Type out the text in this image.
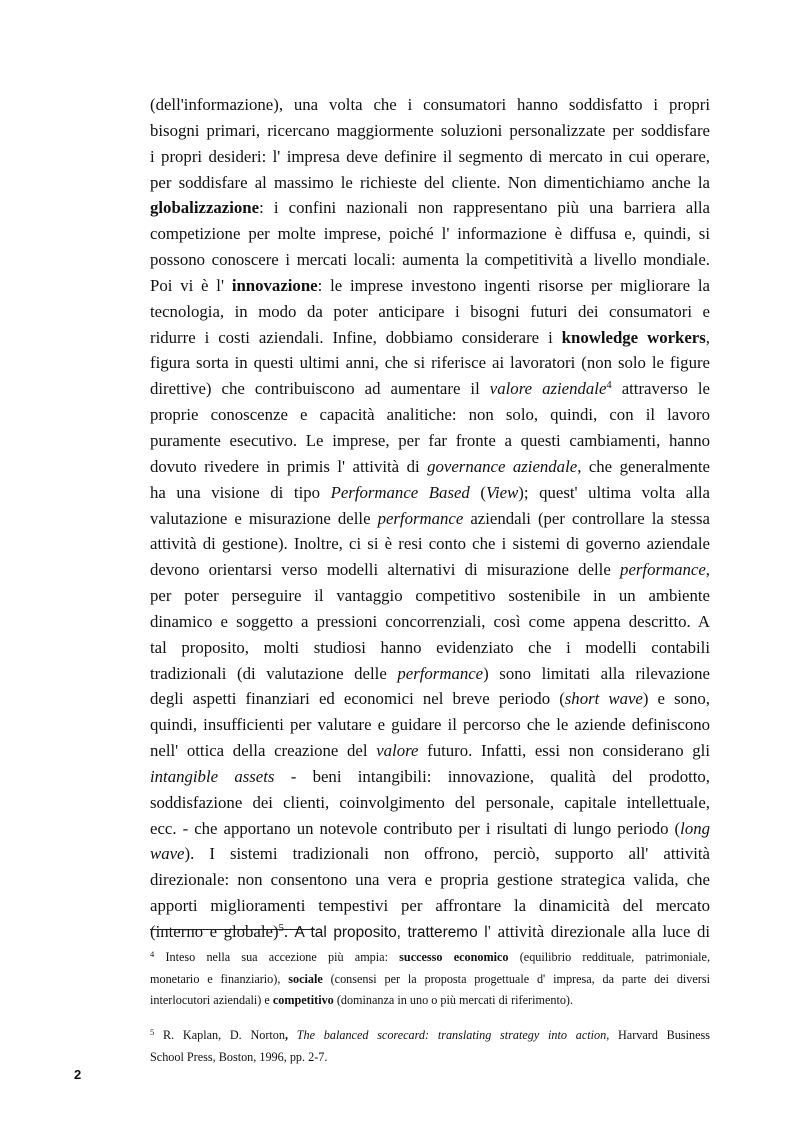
(dell'informazione), una volta che i consumatori hanno soddisfatto i propri
bisogni primari, ricercano maggiormente soluzioni personalizzate per soddisfare
i propri desideri: l' impresa deve definire il segmento di mercato in cui operare,
per soddisfare al massimo le richieste del cliente. Non dimentichiamo anche la
globalizzazione: i confini nazionali non rappresentano più una barriera alla
competizione per molte imprese, poiché l' informazione è diffusa e, quindi, si
possono conoscere i mercati locali: aumenta la competitività a livello mondiale.
Poi vi è l' innovazione: le imprese investono ingenti risorse per migliorare la
tecnologia, in modo da poter anticipare i bisogni futuri dei consumatori e
ridurre i costi aziendali. Infine, dobbiamo considerare i knowledge workers,
figura sorta in questi ultimi anni, che si riferisce ai lavoratori (non solo le figure
direttive) che contribuiscono ad aumentare il valore aziendale$^4$ attraverso le
proprie conoscenze e capacità analitiche: non solo, quindi, con il lavoro
puramente esecutivo. Le imprese, per far fronte a questi cambiamenti, hanno
dovuto rivedere in primis l' attività di governance aziendale, che generalmente
ha una visione di tipo Performance Based (View); quest' ultima volta alla
valutazione e misurazione delle performance aziendali (per controllare la stessa
attività di gestione). Inoltre, ci si è resi conto che i sistemi di governo aziendale
devono orientarsi verso modelli alternativi di misurazione delle performance,
per poter perseguire il vantaggio competitivo sostenibile in un ambiente
dinamico e soggetto a pressioni concorrenziali, così come appena descritto. A
tal proposito, molti studiosi hanno evidenziato che i modelli contabili
tradizionali (di valutazione delle performance) sono limitati alla rilevazione
degli aspetti finanziari ed economici nel breve periodo (short wave) e sono,
quindi, insufficienti per valutare e guidare il percorso che le aziende definiscono
nell' ottica della creazione del valore futuro. Infatti, essi non considerano gli
intangible assets - beni intangibili: innovazione, qualità del prodotto,
soddisfazione dei clienti, coinvolgimento del personale, capitale intellettuale,
ecc. - che apportano un notevole contributo per i risultati di lungo periodo (long
wave). I sistemi tradizionali non offrono, perciò, supporto all' attività
direzionale: non consentono una vera e propria gestione strategica valida, che
apporti miglioramenti tempestivi per affrontare la dinamicità del mercato
(interno e globale)$^5$. A tal proposito, tratteremo l’ attività direzionale alla luce di
$^4$ Inteso nella sua accezione più ampia: successo economico (equilibrio reddituale, patrimoniale,
monetario e finanziario), sociale (consensi per la proposta progettuale d' impresa, da parte dei diversi
interlocutori aziendali) e competitivo (dominanza in uno o più mercati di riferimento).
$^5$ R. Kaplan, D. Norton, The balanced scorecard: translating strategy into action, Harvard Business
School Press, Boston, 1996, pp. 2-7.
2
